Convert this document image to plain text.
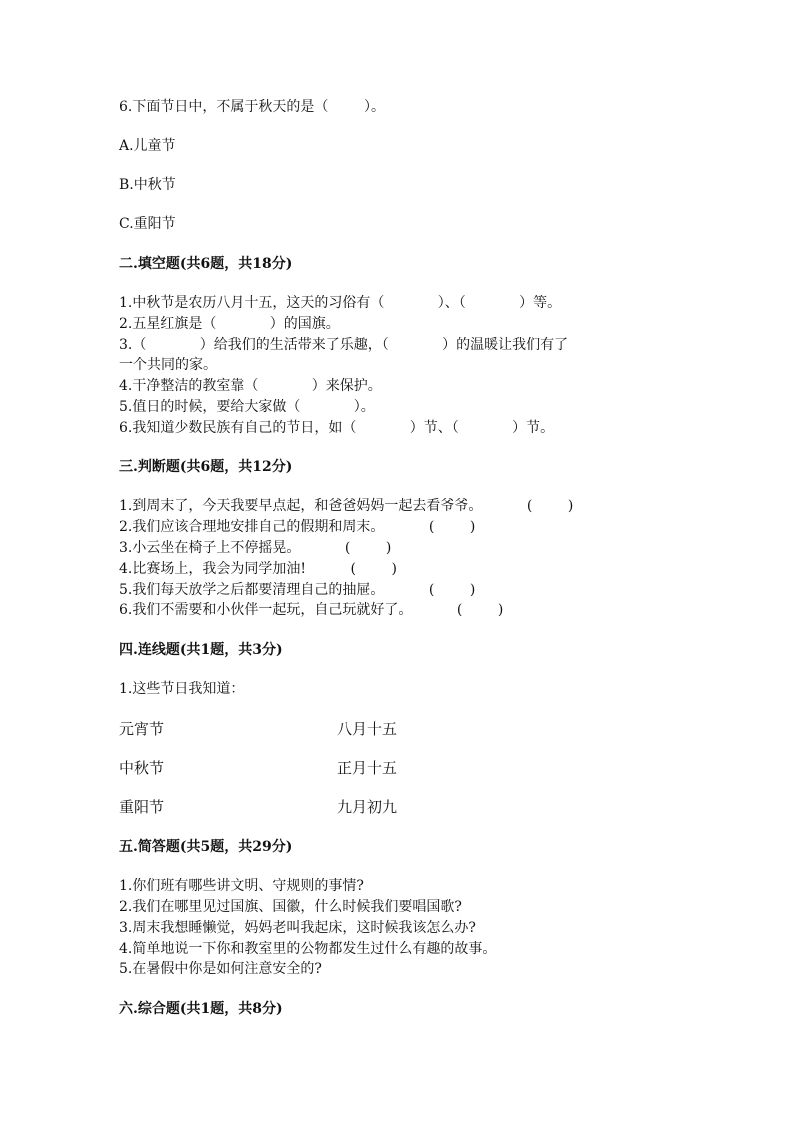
6.下面节日中，不属于秋天的是（        ）。
A.儿童节
B.中秋节
C.重阳节
二.填空题(共6题，共18分)
1.中秋节是农历八月十五，这天的习俗有（            ）、（            ）等。
2.五星红旗是（            ）的国旗。
3.（            ）给我们的生活带来了乐趣，（            ）的温暖让我们有了
一个共同的家。
4.干净整洁的教室靠（            ）来保护。
5.值日的时候，要给大家做（            ）。
6.我知道少数民族有自己的节日，如（            ）节、（            ）节。
三.判断题(共6题，共12分)
1.到周末了，今天我要早点起，和爸爸妈妈一起去看爷爷。          (        )
2.我们应该合理地安排自己的假期和周末。          (        )
3.小云坐在椅子上不停摇晃。          (        )
4.比赛场上，我会为同学加油!          (        )
5.我们每天放学之后都要清理自己的抽屉。          (        )
6.我们不需要和小伙伴一起玩，自己玩就好了。          (        )
四.连线题(共1题，共3分)
1.这些节日我知道：
元宵节	八月十五
中秋节	正月十五
重阳节	九月初九
五.简答题(共5题，共29分)
1.你们班有哪些讲文明、守规则的事情?
2.我们在哪里见过国旗、国徽，什么时候我们要唱国歌?
3.周末我想睡懒觉，妈妈老叫我起床，这时候我该怎么办?
4.简单地说一下你和教室里的公物都发生过什么有趣的故事。
5.在暑假中你是如何注意安全的?
六.综合题(共1题，共8分)
